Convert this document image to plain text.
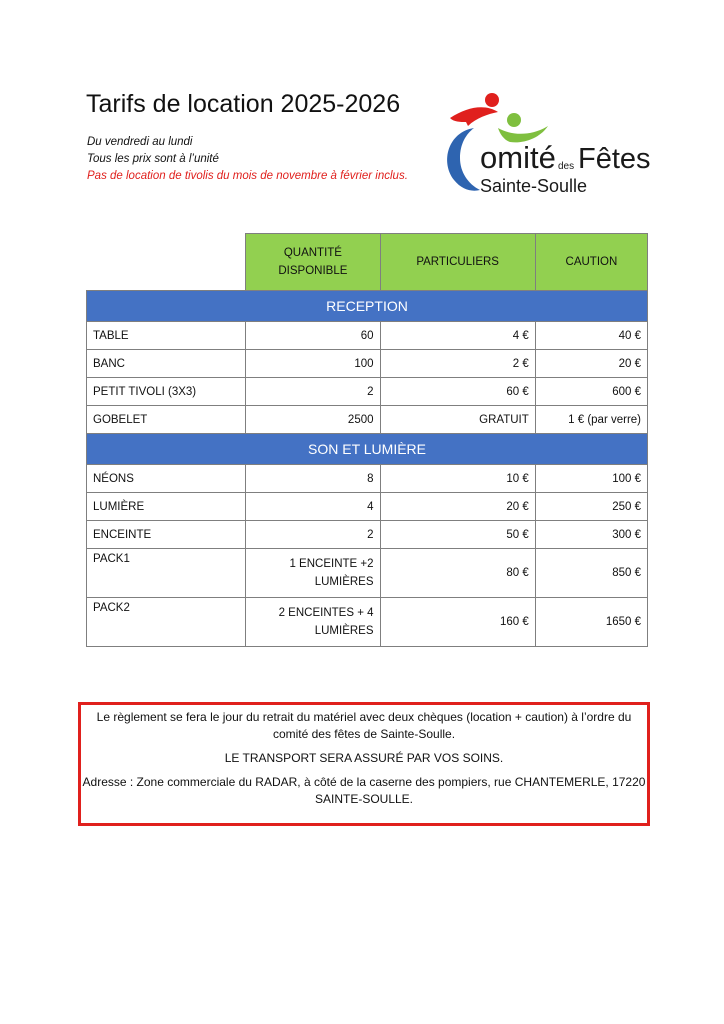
Tarifs de location 2025-2026
Du vendredi au lundi
Tous les prix sont à l’unité
Pas de location de tivolis du mois de novembre à février inclus.
omité des Fêtes
Sainte-Soulle
	QUANTITÉ DISPONIBLE	PARTICULIERS	CAUTION
RECEPTION			
TABLE	60	4 €	40 €
BANC	100	2 €	20 €
PETIT TIVOLI (3X3)	2	60 €	600 €
GOBELET	2500	GRATUIT	1 € (par verre)
SON ET LUMIÈRE			
NÉONS	8	10 €	100 €
LUMIÈRE	4	20 €	250 €
ENCEINTE	2	50 €	300 €
PACK1	1 ENCEINTE +2 LUMIÈRES	80 €	850 €
PACK2	2 ENCEINTES + 4 LUMIÈRES	160 €	1650 €

Le règlement se fera le jour du retrait du matériel avec deux chèques (location + caution) à l’ordre du comité des fêtes de Sainte-Soulle.

LE TRANSPORT SERA ASSURÉ PAR VOS SOINS.

Adresse : Zone commerciale du RADAR, à côté de la caserne des pompiers, rue CHANTEMERLE, 17220 SAINTE-SOULLE.
